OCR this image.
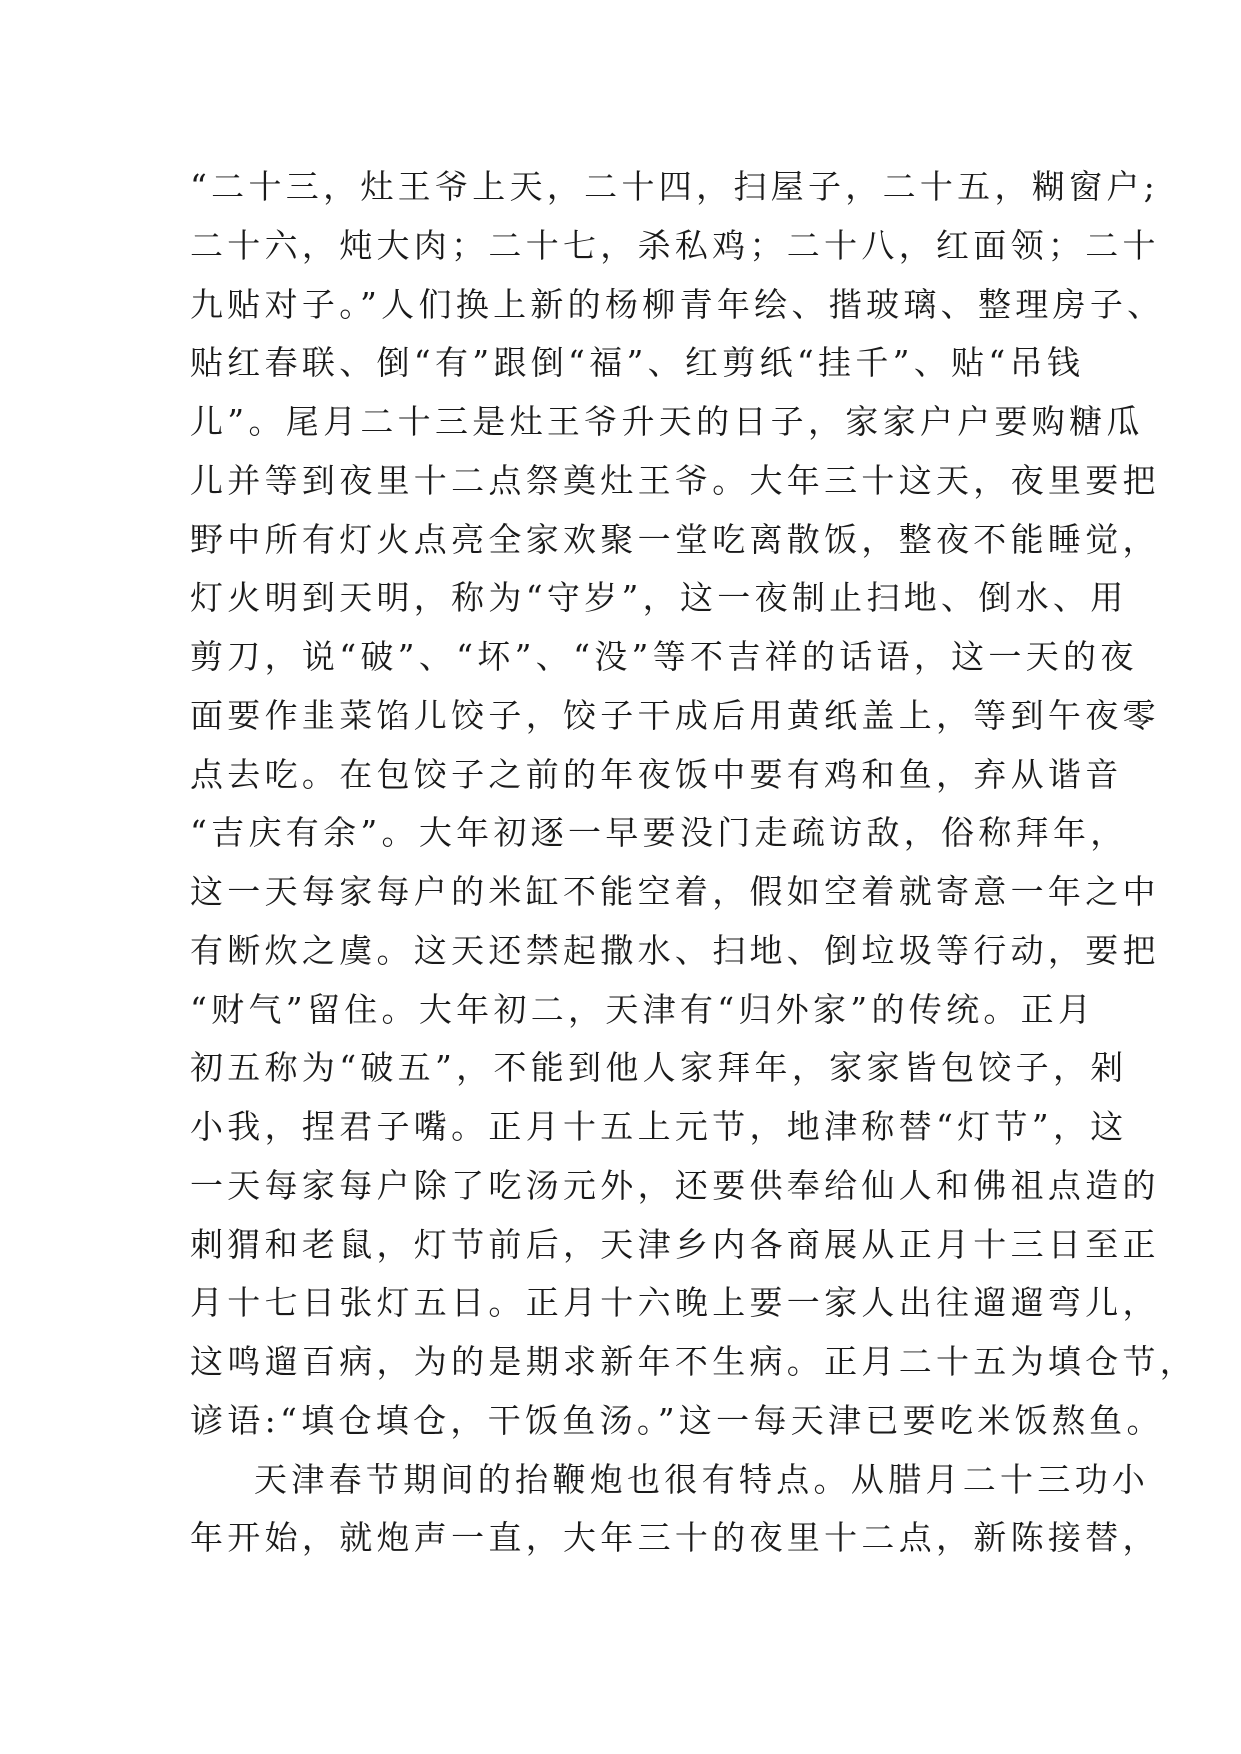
“二十三，灶王爷上天，二十四，扫屋子，二十五，糊窗户;
二十六，炖大肉；二十七，杀私鸡；二十八，红面领；二十
九贴对子。”人们换上新的杨柳青年绘、揩玻璃、整理房子、
贴红春联、倒“有”跟倒“福”、红剪纸“挂千”、贴“吊钱
儿”。尾月二十三是灶王爷升天的日子，家家户户要购糖瓜
儿并等到夜里十二点祭奠灶王爷。大年三十这天，夜里要把
野中所有灯火点亮全家欢聚一堂吃离散饭，整夜不能睡觉，
灯火明到天明，称为“守岁”，这一夜制止扫地、倒水、用
剪刀，说“破”、“坏”、“没”等不吉祥的话语，这一天的夜
面要作韭菜馅儿饺子，饺子干成后用黄纸盖上，等到午夜零
点去吃。在包饺子之前的年夜饭中要有鸡和鱼，弃从谐音
“吉庆有余”。大年初逐一早要没门走疏访敌，俗称拜年，
这一天每家每户的米缸不能空着，假如空着就寄意一年之中
有断炊之虞。这天还禁起撒水、扫地、倒垃圾等行动，要把
“财气”留住。大年初二，天津有“归外家”的传统。正月
初五称为“破五”，不能到他人家拜年，家家皆包饺子，剁
小我，捏君子嘴。正月十五上元节，地津称替“灯节”，这
一天每家每户除了吃汤元外，还要供奉给仙人和佛祖点造的
刺猬和老鼠，灯节前后，天津乡内各商展从正月十三日至正
月十七日张灯五日。正月十六晚上要一家人出往遛遛弯儿，
这鸣遛百病，为的是期求新年不生病。正月二十五为填仓节，
谚语:“填仓填仓，干饭鱼汤。”这一每天津已要吃米饭熬鱼。
天津春节期间的抬鞭炮也很有特点。从腊月二十三功小
年开始，就炮声一直，大年三十的夜里十二点，新陈接替，
